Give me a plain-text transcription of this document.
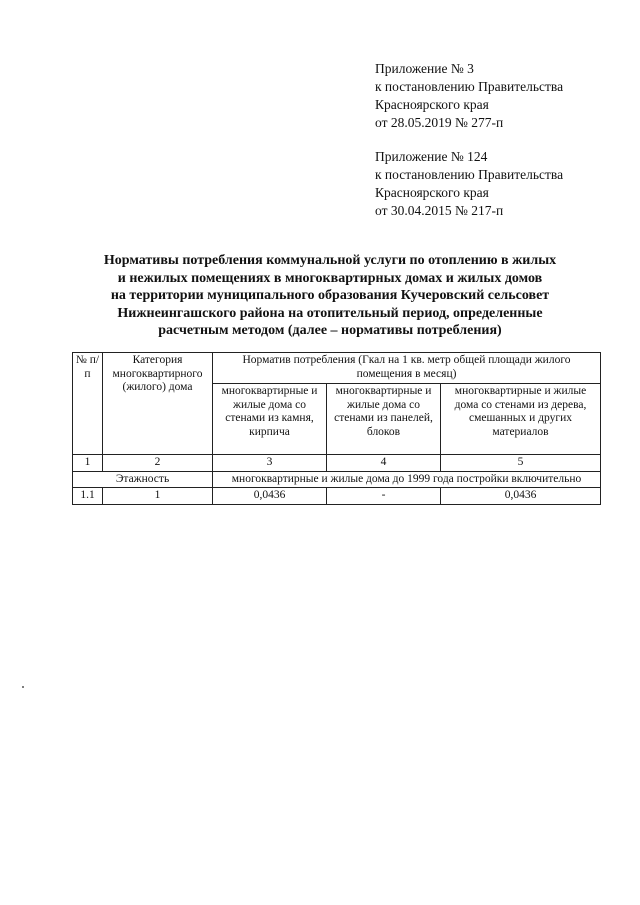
Приложение № 3
к постановлению Правительства
Красноярского края
от 28.05.2019 № 277-п
Приложение № 124
к постановлению Правительства
Красноярского края
от 30.04.2015 № 217-п
Нормативы потребления коммунальной услуги по отоплению в жилых
и нежилых помещениях в многоквартирных домах и жилых домов
на территории муниципального образования Кучеровский сельсовет
Нижнеингашского района на отопительный период, определенные
расчетным методом (далее – нормативы потребления)
№ п/п	Категория многоквартирного (жилого) дома	Норматив потребления (Гкал на 1 кв. метр общей площади жилого помещения в месяц)		
		многоквартирные и жилые дома со стенами из камня, кирпича	многоквартирные и жилые дома со стенами из панелей, блоков	многоквартирные и жилые дома со стенами из дерева, смешанных и других материалов
1	2	3	4	5
Этажность		многоквартирные и жилые дома до 1999 года постройки включительно		
1.1	1	0,0436	-	0,0436
